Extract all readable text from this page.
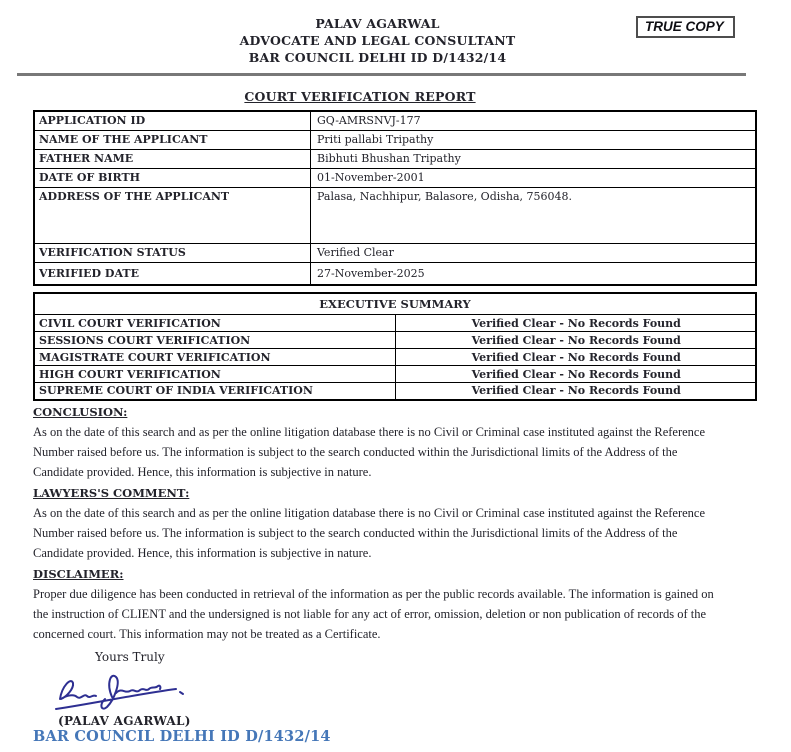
PALAV AGARWAL
ADVOCATE AND LEGAL CONSULTANT
BAR COUNCIL DELHI ID D/1432/14
TRUE COPY
COURT VERIFICATION REPORT
APPLICATION ID	GQ-AMRSNVJ-177
NAME OF THE APPLICANT	Priti pallabi Tripathy
FATHER NAME	Bibhuti Bhushan Tripathy
DATE OF BIRTH	01-November-2001
ADDRESS OF THE APPLICANT	Palasa, Nachhipur, Balasore, Odisha, 756048.
VERIFICATION STATUS	Verified Clear
VERIFIED DATE	27-November-2025
EXECUTIVE SUMMARY	
CIVIL COURT VERIFICATION	Verified Clear - No Records Found
SESSIONS COURT VERIFICATION	Verified Clear - No Records Found
MAGISTRATE COURT VERIFICATION	Verified Clear - No Records Found
HIGH COURT VERIFICATION	Verified Clear - No Records Found
SUPREME COURT OF INDIA VERIFICATION	Verified Clear - No Records Found
CONCLUSION:
As on the date of this search and as per the online litigation database there is no Civil or Criminal case instituted against the Reference
Number raised before us. The information is subject to the search conducted within the Jurisdictional limits of the Address of the
Candidate provided. Hence, this information is subjective in nature.
LAWYERS'S COMMENT:
As on the date of this search and as per the online litigation database there is no Civil or Criminal case instituted against the Reference
Number raised before us. The information is subject to the search conducted within the Jurisdictional limits of the Address of the
Candidate provided. Hence, this information is subjective in nature.
DISCLAIMER:
Proper due diligence has been conducted in retrieval of the information as per the public records available. The information is gained on
the instruction of CLIENT and the undersigned is not liable for any act of error, omission, deletion or non publication of records of the
concerned court. This information may not be treated as a Certificate.
Yours Truly
(PALAV AGARWAL)
BAR COUNCIL DELHI ID D/1432/14
